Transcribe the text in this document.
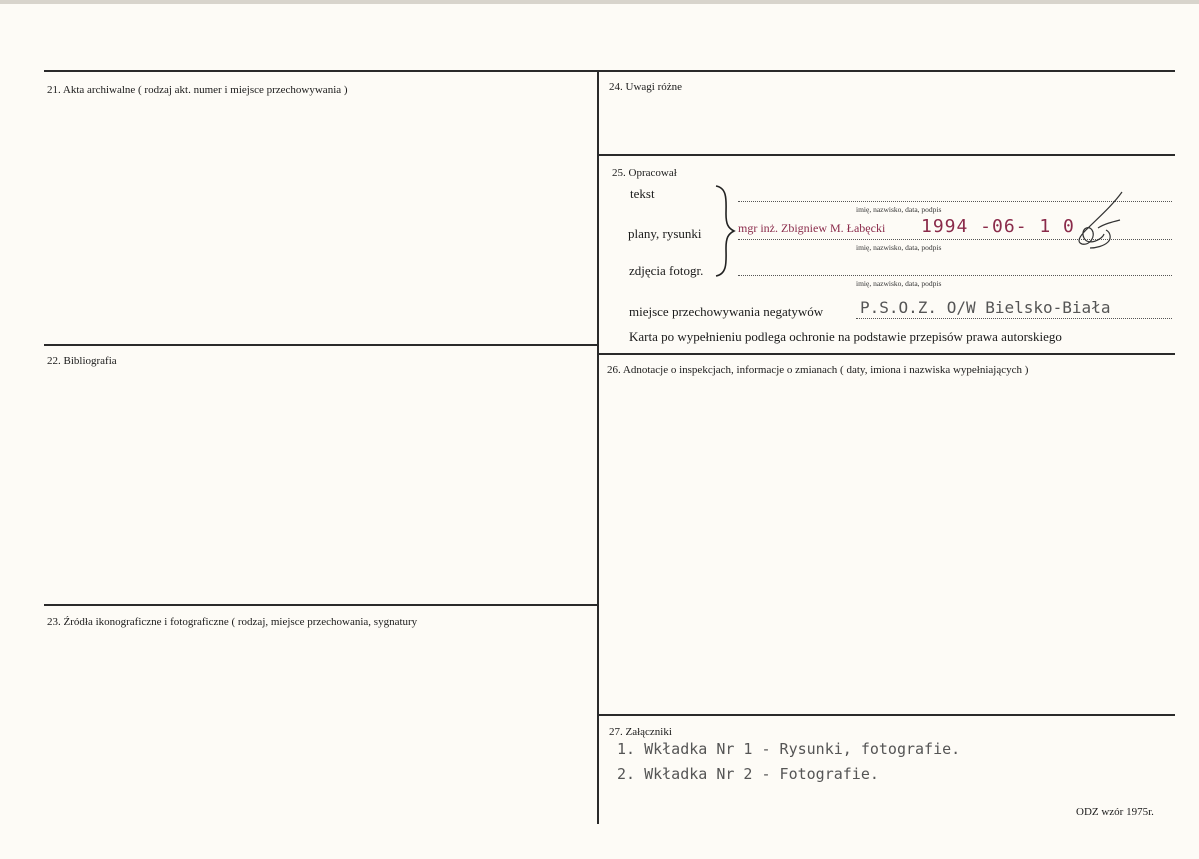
21. Akta archiwalne ( rodzaj akt. numer i miejsce przechowywania )
22. Bibliografia
23. Źródła ikonograficzne i fotograficzne ( rodzaj, miejsce przechowania, sygnatury
24. Uwagi różne
25. Opracował
26. Adnotacje o inspekcjach, informacje o zmianach ( daty, imiona i nazwiska wypełniających )
27. Załączniki
tekst
plany, rysunki
zdjęcia fotogr.
imię, nazwisko, data, podpis
imię, nazwisko, data, podpis
imię, nazwisko, data, podpis
mgr inż. Zbigniew M. Łabęcki 1994 -06- 1 0
miejsce przechowywania negatywów P.S.O.Z. O/W Bielsko-Biała
Karta po wypełnieniu podlega ochronie na podstawie przepisów prawa autorskiego
1. Wkładka Nr 1 - Rysunki, fotografie.
2. Wkładka Nr 2 - Fotografie.
ODZ wzór 1975r.
